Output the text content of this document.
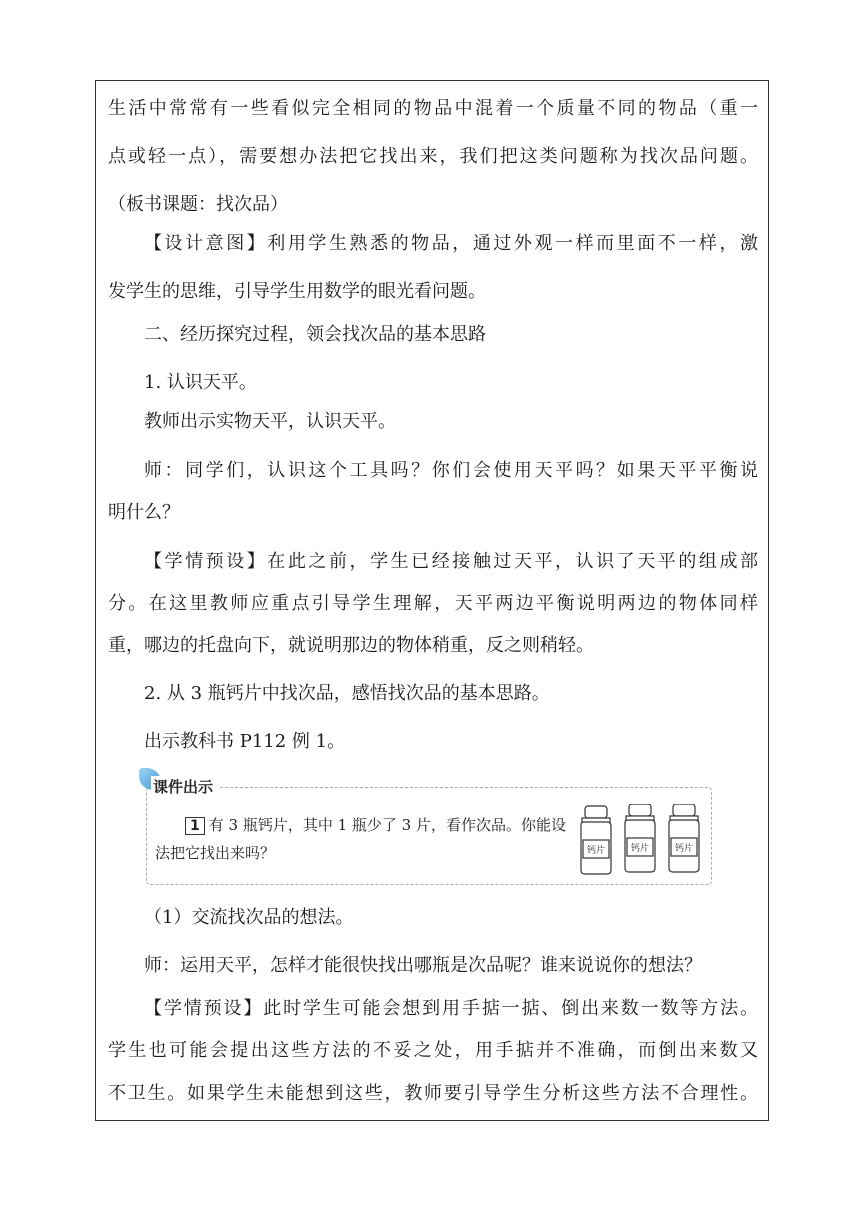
生活中常常有一些看似完全相同的物品中混着一个质量不同的物品（重一
点或轻一点），需要想办法把它找出来，我们把这类问题称为找次品问题。
（板书课题：找次品）
【设计意图】利用学生熟悉的物品，通过外观一样而里面不一样，激
发学生的思维，引导学生用数学的眼光看问题。
二、经历探究过程，领会找次品的基本思路
1. 认识天平。
教师出示实物天平，认识天平。
师：同学们，认识这个工具吗？你们会使用天平吗？如果天平平衡说
明什么？
【学情预设】在此之前，学生已经接触过天平，认识了天平的组成部
分。在这里教师应重点引导学生理解，天平两边平衡说明两边的物体同样
重，哪边的托盘向下，就说明那边的物体稍重，反之则稍轻。
2. 从 3 瓶钙片中找次品，感悟找次品的基本思路。
出示教科书 P112 例 1。
课件出示
1 有 3 瓶钙片，其中 1 瓶少了 3 片，看作次品。你能设
法把它找出来吗？	钙片	钙片	钙片
（1）交流找次品的想法。
师：运用天平，怎样才能很快找出哪瓶是次品呢？谁来说说你的想法？
【学情预设】此时学生可能会想到用手掂一掂、倒出来数一数等方法。
学生也可能会提出这些方法的不妥之处，用手掂并不准确，而倒出来数又
不卫生。如果学生未能想到这些，教师要引导学生分析这些方法不合理性。
